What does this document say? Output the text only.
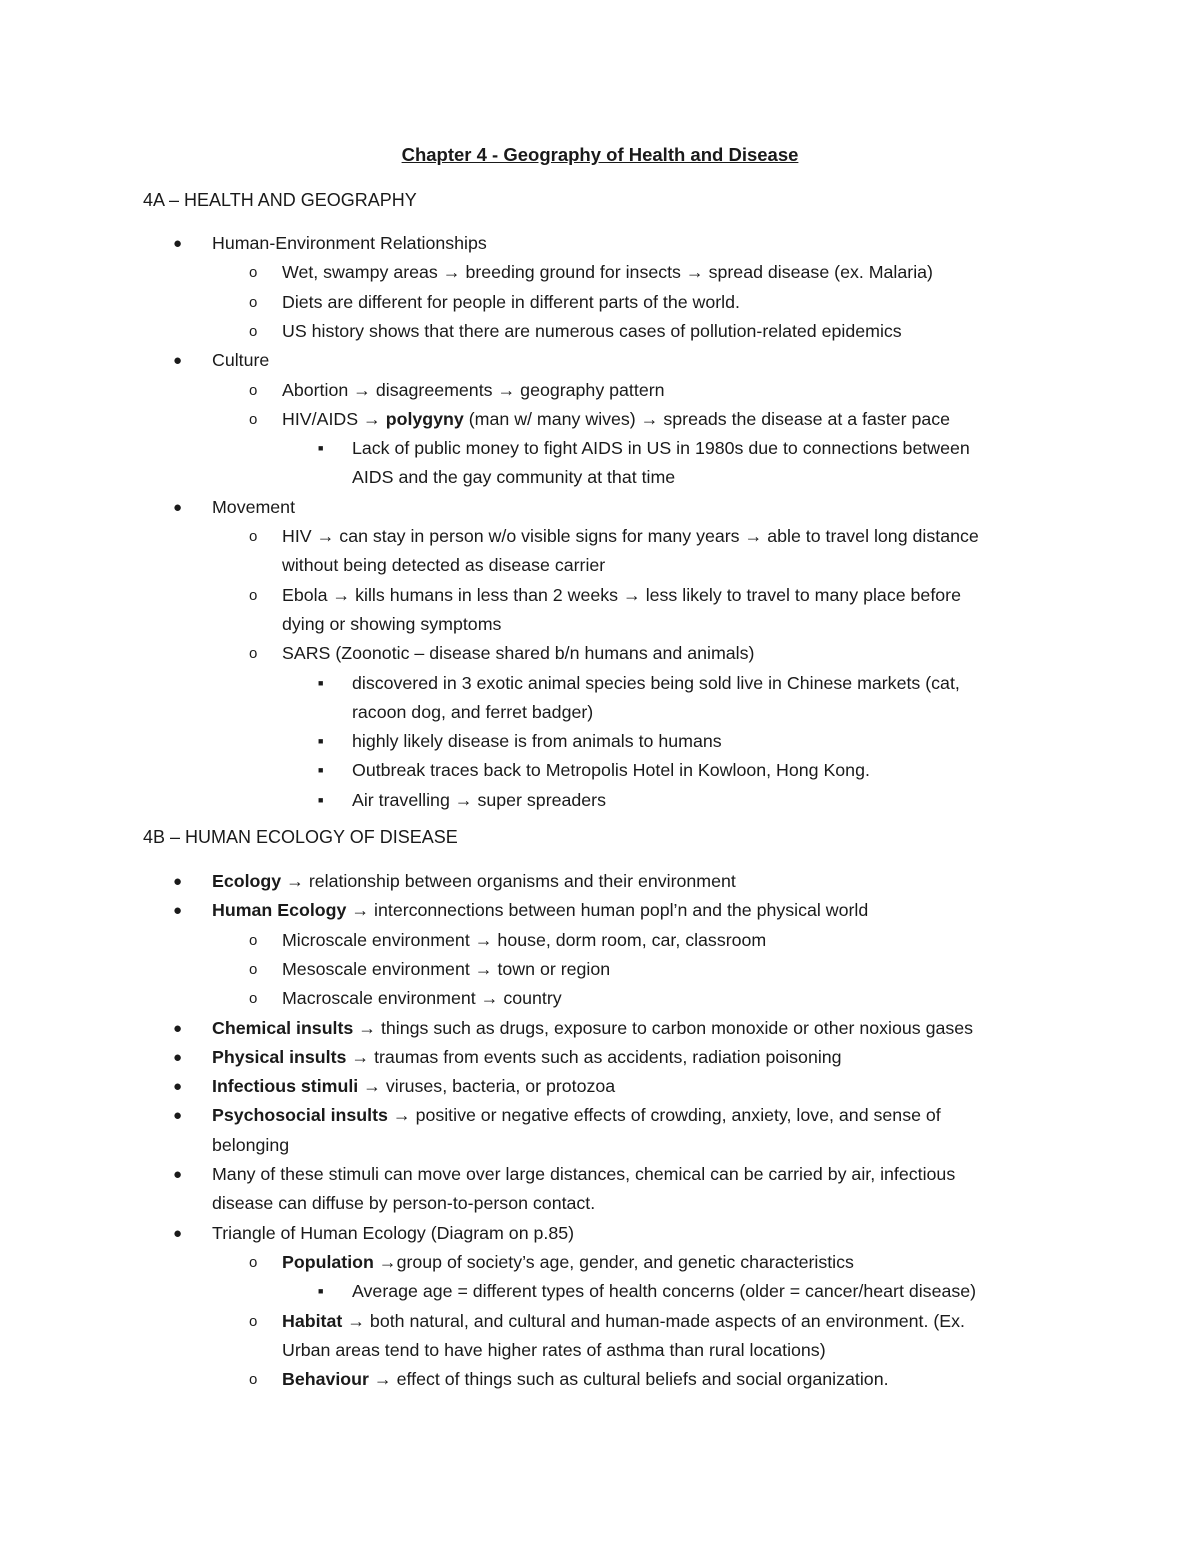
Chapter 4 - Geography of Health and Disease
4A – HEALTH AND GEOGRAPHY
● Human-Environment Relationships
o Wet, swampy areas → breeding ground for insects → spread disease (ex. Malaria)
o Diets are different for people in different parts of the world.
o US history shows that there are numerous cases of pollution-related epidemics
● Culture
o Abortion → disagreements → geography pattern
o HIV/AIDS → polygyny (man w/ many wives) → spreads the disease at a faster pace
■ Lack of public money to fight AIDS in US in 1980s due to connections between
AIDS and the gay community at that time
● Movement
o HIV → can stay in person w/o visible signs for many years → able to travel long distance
without being detected as disease carrier
o Ebola → kills humans in less than 2 weeks → less likely to travel to many place before
dying or showing symptoms
o SARS (Zoonotic – disease shared b/n humans and animals)
■ discovered in 3 exotic animal species being sold live in Chinese markets (cat,
racoon dog, and ferret badger)
■ highly likely disease is from animals to humans
■ Outbreak traces back to Metropolis Hotel in Kowloon, Hong Kong.
■ Air travelling → super spreaders
4B – HUMAN ECOLOGY OF DISEASE
● Ecology → relationship between organisms and their environment
● Human Ecology → interconnections between human popl’n and the physical world
o Microscale environment → house, dorm room, car, classroom
o Mesoscale environment → town or region
o Macroscale environment → country
● Chemical insults → things such as drugs, exposure to carbon monoxide or other noxious gases
● Physical insults → traumas from events such as accidents, radiation poisoning
● Infectious stimuli → viruses, bacteria, or protozoa
● Psychosocial insults → positive or negative effects of crowding, anxiety, love, and sense of
belonging
● Many of these stimuli can move over large distances, chemical can be carried by air, infectious
disease can diffuse by person-to-person contact.
● Triangle of Human Ecology (Diagram on p.85)
o Population →group of society’s age, gender, and genetic characteristics
■ Average age = different types of health concerns (older = cancer/heart disease)
o Habitat → both natural, and cultural and human-made aspects of an environment. (Ex.
Urban areas tend to have higher rates of asthma than rural locations)
o Behaviour → effect of things such as cultural beliefs and social organization.
